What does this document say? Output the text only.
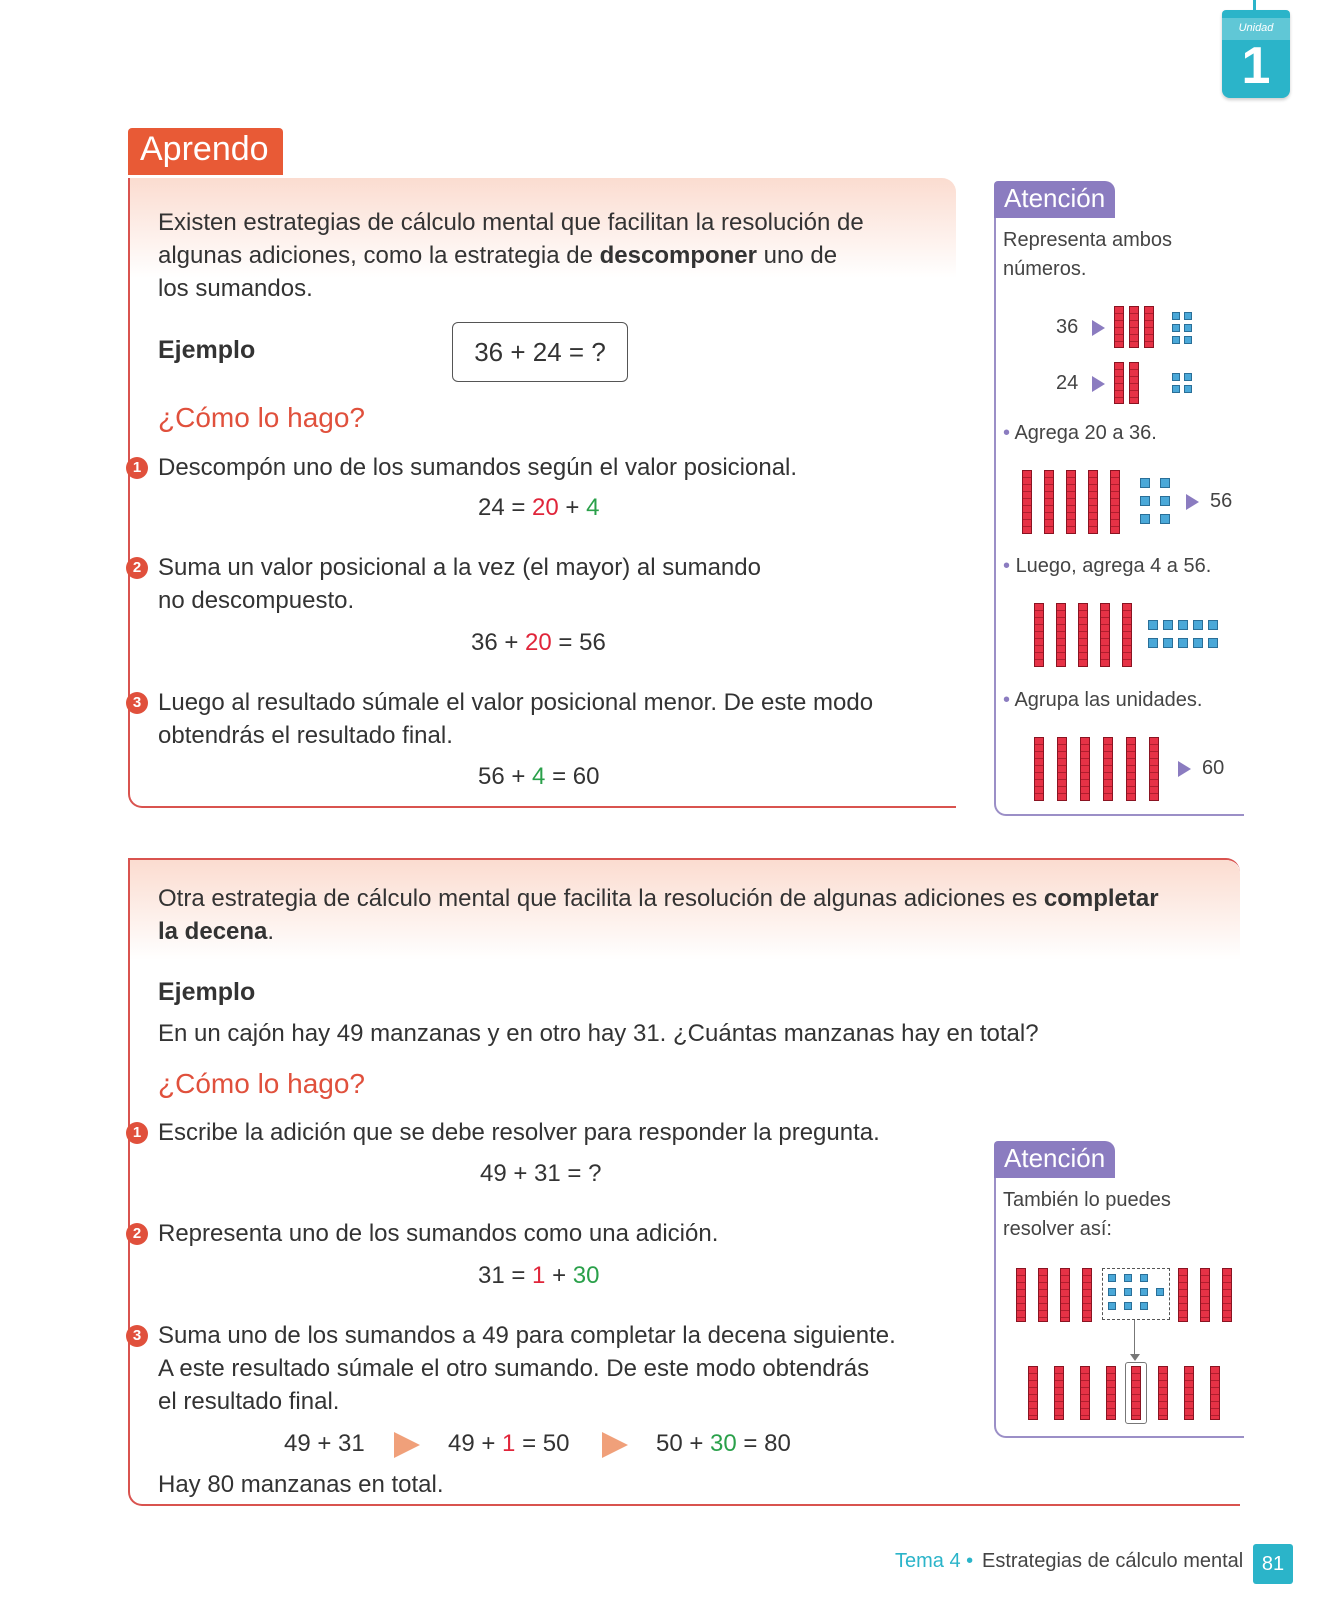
Unidad
1
Aprendo
Existen estrategias de cálculo mental que facilitan la resolución de
algunas adiciones, como la estrategia de descomponer uno de
los sumandos.
Ejemplo	36 + 24 = ?
¿Cómo lo hago?
1 Descompón uno de los sumandos según el valor posicional.
24 = 20 + 4
2 Suma un valor posicional a la vez (el mayor) al sumando
no descompuesto.
36 + 20 = 56
3 Luego al resultado súmale el valor posicional menor. De este modo
obtendrás el resultado final.
56 + 4 = 60
Atención
Representa ambos
números.
36
24
• Agrega 20 a 36.
56
• Luego, agrega 4 a 56.
• Agrupa las unidades.
60
Otra estrategia de cálculo mental que facilita la resolución de algunas adiciones es completar
la decena.
Ejemplo
En un cajón hay 49 manzanas y en otro hay 31. ¿Cuántas manzanas hay en total?
¿Cómo lo hago?
1 Escribe la adición que se debe resolver para responder la pregunta.
49 + 31 = ?
2 Representa uno de los sumandos como una adición.
31 = 1 + 30
3 Suma uno de los sumandos a 49 para completar la decena siguiente.
A este resultado súmale el otro sumando. De este modo obtendrás
el resultado final.
49 + 31	49 + 1 = 50	50 + 30 = 80
Hay 80 manzanas en total.
Atención
También lo puedes
resolver así:
Tema 4 • Estrategias de cálculo mental 81
